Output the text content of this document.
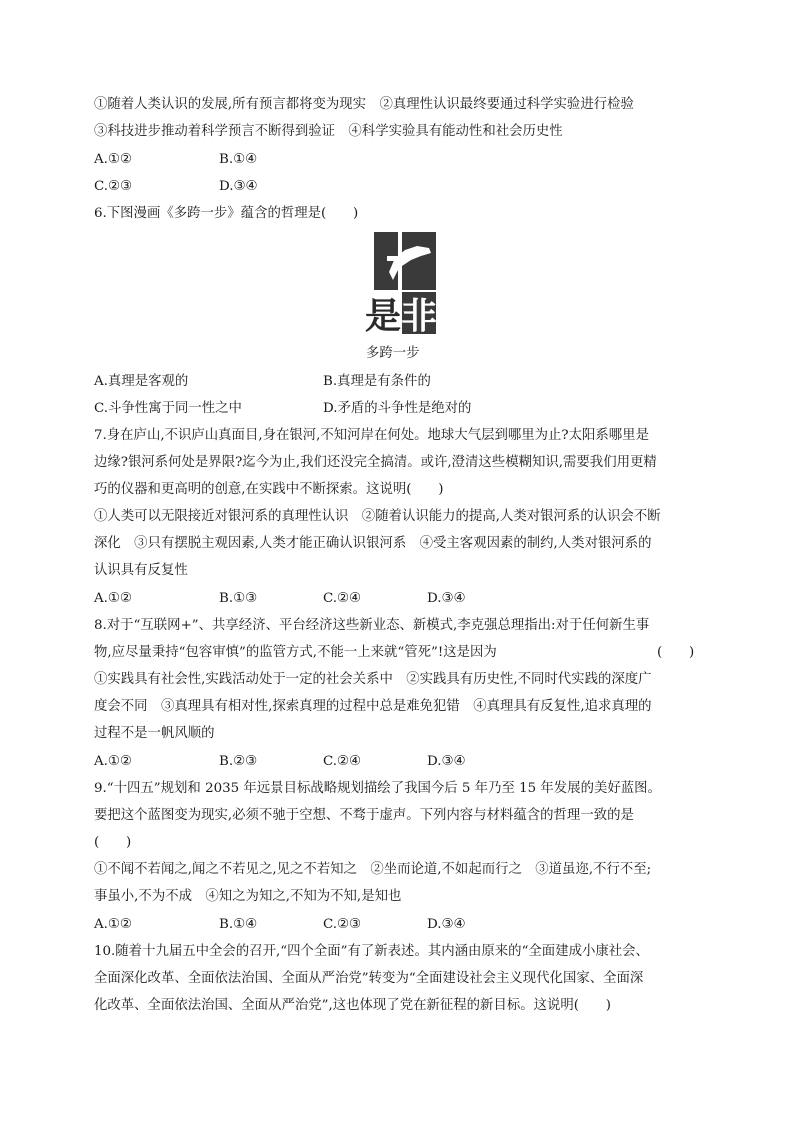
①随着人类认识的发展,所有预言都将变为现实　②真理性认识最终要通过科学实验进行检验
③科技进步推动着科学预言不断得到验证　④科学实验具有能动性和社会历史性
A.①②	B.①④
C.②③	D.③④
6.下图漫画《多跨一步》蕴含的哲理是(　　)
是 非
多跨一步
A.真理是客观的	B.真理是有条件的
C.斗争性寓于同一性之中	D.矛盾的斗争性是绝对的
7.身在庐山,不识庐山真面目,身在银河,不知河岸在何处。地球大气层到哪里为止?太阳系哪里是
边缘?银河系何处是界限?迄今为止,我们还没完全搞清。或许,澄清这些模糊知识,需要我们用更精
巧的仪器和更高明的创意,在实践中不断探索。这说明(　　)
①人类可以无限接近对银河系的真理性认识　②随着认识能力的提高,人类对银河系的认识会不断
深化　③只有摆脱主观因素,人类才能正确认识银河系　④受主客观因素的制约,人类对银河系的
认识具有反复性
A.①②	B.①③	C.②④	D.③④
8.对于“互联网+”、共享经济、平台经济这些新业态、新模式,李克强总理指出:对于任何新生事
物,应尽量秉持“包容审慎”的监管方式,不能一上来就“管死”!这是因为	(　　)
①实践具有社会性,实践活动处于一定的社会关系中　②实践具有历史性,不同时代实践的深度广
度会不同　③真理具有相对性,探索真理的过程中总是难免犯错　④真理具有反复性,追求真理的
过程不是一帆风顺的
A.①②	B.②③	C.②④	D.③④
9.“十四五”规划和 2035 年远景目标战略规划描绘了我国今后 5 年乃至 15 年发展的美好蓝图。
要把这个蓝图变为现实,必须不驰于空想、不骛于虚声。下列内容与材料蕴含的哲理一致的是
(　　)
①不闻不若闻之,闻之不若见之,见之不若知之　②坐而论道,不如起而行之　③道虽迩,不行不至;
事虽小,不为不成　④知之为知之,不知为不知,是知也
A.①②	B.①④	C.②③	D.③④
10.随着十九届五中全会的召开,“四个全面”有了新表述。其内涵由原来的“全面建成小康社会、
全面深化改革、全面依法治国、全面从严治党”转变为“全面建设社会主义现代化国家、全面深
化改革、全面依法治国、全面从严治党”,这也体现了党在新征程的新目标。这说明(　　)
